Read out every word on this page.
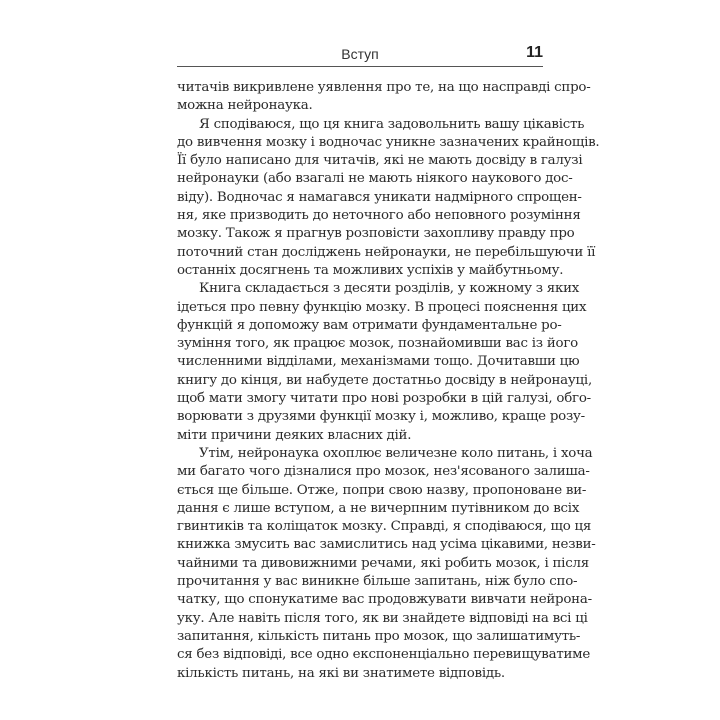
Вступ	11
читачів викривлене уявлення про те, на що насправді спро-
можна нейронаука.
Я сподіваюся, що ця книга задовольнить вашу цікавість
до вивчення мозку і водночас уникне зазначених крайнощів.
Її було написано для читачів, які не мають досвіду в галузі
нейронауки (або взагалі не мають ніякого наукового дос-
віду). Водночас я намагався уникати надмірного спрощен-
ня, яке призводить до неточного або неповного розуміння
мозку. Також я прагнув розповісти захопливу правду про
поточний стан досліджень нейронауки, не перебільшуючи її
останніх досягнень та можливих успіхів у майбутньому.
Книга складається з десяти розділів, у кожному з яких
ідеться про певну функцію мозку. В процесі пояснення цих
функцій я допоможу вам отримати фундаментальне ро-
зуміння того, як працює мозок, познайомивши вас із його
численними відділами, механізмами тощо. Дочитавши цю
книгу до кінця, ви набудете достатньо досвіду в нейронауці,
щоб мати змогу читати про нові розробки в цій галузі, обго-
ворювати з друзями функції мозку і, можливо, краще розу-
міти причини деяких власних дій.
Утім, нейронаука охоплює величезне коло питань, і хоча
ми багато чого дізналися про мозок, нез'ясованого залиша-
ється ще більше. Отже, попри свою назву, пропоноване ви-
дання є лише вступом, а не вичерпним путівником до всіх
гвинтиків та коліщаток мозку. Справді, я сподіваюся, що ця
книжка змусить вас замислитись над усіма цікавими, незви-
чайними та дивовижними речами, які робить мозок, і після
прочитання у вас виникне більше запитань, ніж було спо-
чатку, що спонукатиме вас продовжувати вивчати нейрона-
уку. Але навіть після того, як ви знайдете відповіді на всі ці
запитання, кількість питань про мозок, що залишатимуть-
ся без відповіді, все одно експоненціально перевищуватиме
кількість питань, на які ви знатимете відповідь.
